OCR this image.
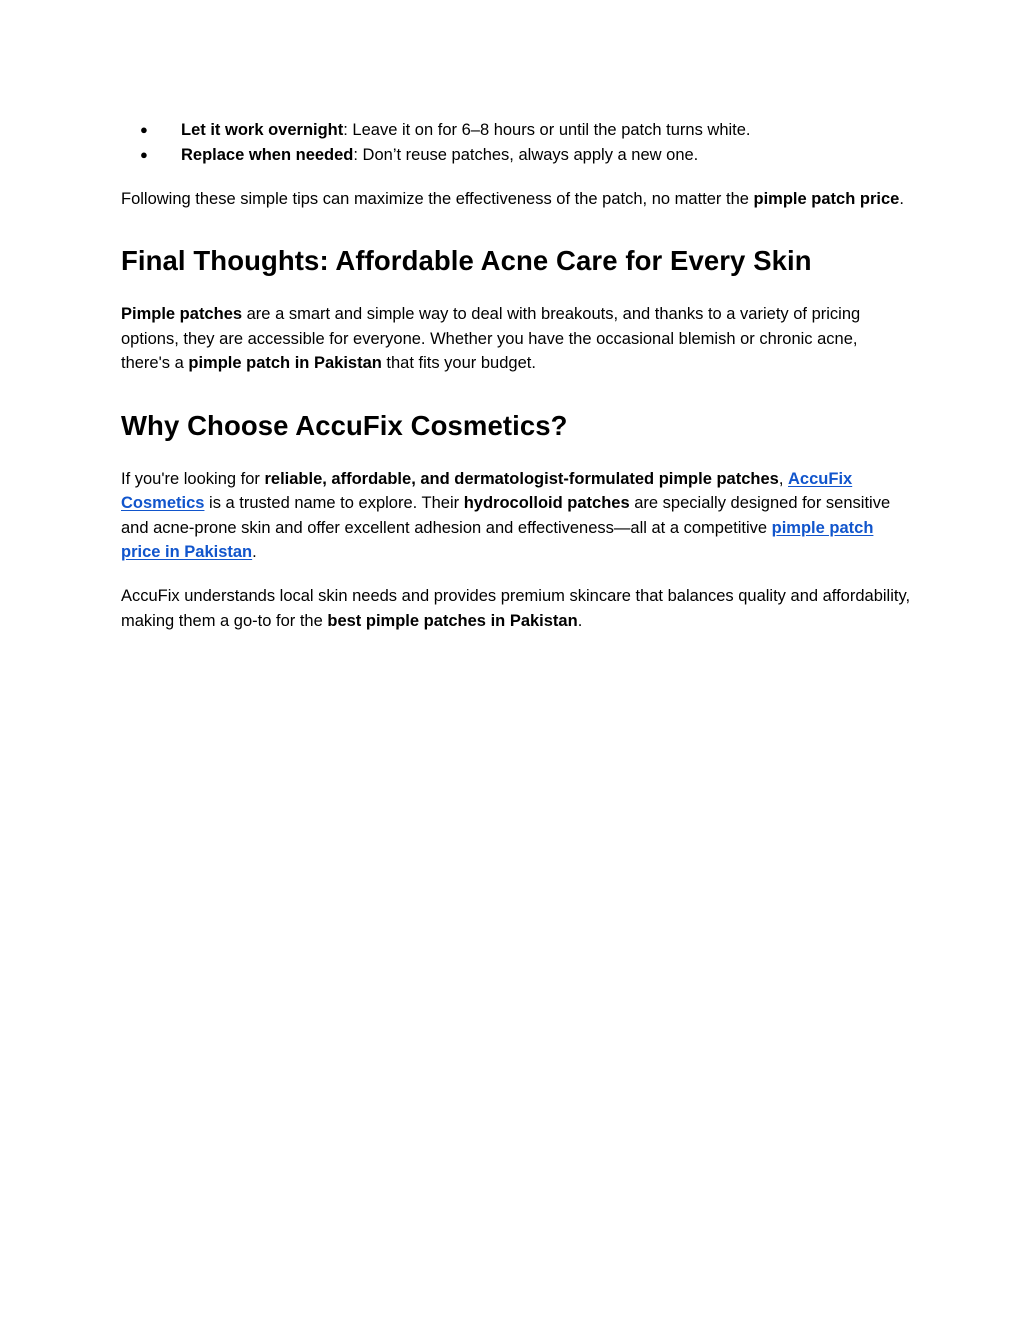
● Let it work overnight: Leave it on for 6–8 hours or until the patch turns white.
● Replace when needed: Don’t reuse patches, always apply a new one.

Following these simple tips can maximize the effectiveness of the patch, no matter the pimple patch price.

Final Thoughts: Affordable Acne Care for Every Skin

Pimple patches are a smart and simple way to deal with breakouts, and thanks to a variety of pricing options, they are accessible for everyone. Whether you have the occasional blemish or chronic acne, there's a pimple patch in Pakistan that fits your budget.

Why Choose AccuFix Cosmetics?

If you're looking for reliable, affordable, and dermatologist-formulated pimple patches, AccuFix Cosmetics is a trusted name to explore. Their hydrocolloid patches are specially designed for sensitive and acne-prone skin and offer excellent adhesion and effectiveness—all at a competitive pimple patch price in Pakistan.

AccuFix understands local skin needs and provides premium skincare that balances quality and affordability, making them a go-to for the best pimple patches in Pakistan.
